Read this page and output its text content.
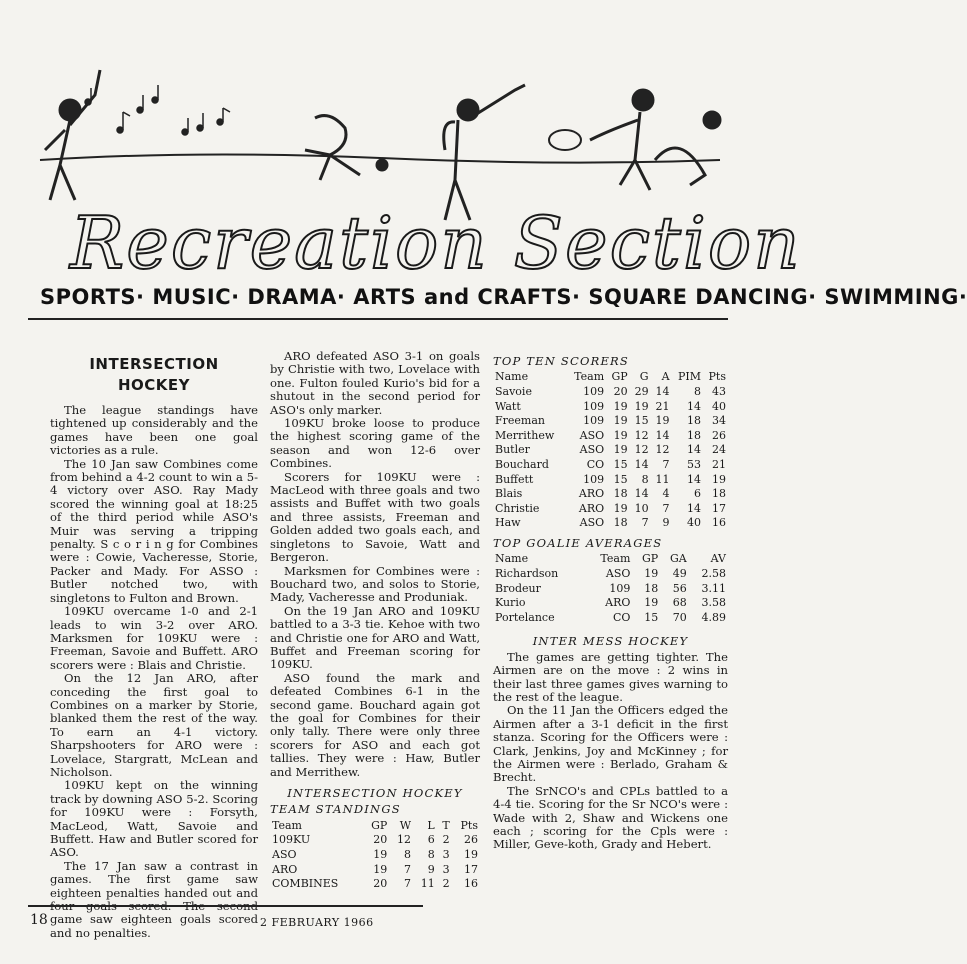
Recreation Section
SPORTS· MUSIC· DRAMA· ARTS and CRAFTS· SQUARE DANCING· SWIMMING·
INTERSECTION
HOCKEY

The league standings have tightened up considerably and the games have been one goal victories as a rule.

The 10 Jan saw Combines come from behind a 4-2 count to win a 5-4 victory over ASO. Ray Mady scored the winning goal at 18:25 of the third period while ASO's Muir was serving a tripping penalty. S c o r i n g for Combines were : Cowie, Vacheresse, Storie, Packer and Mady. For ASSO : Butler notched two, with singletons to Fulton and Brown.

109KU overcame 1-0 and 2-1 leads to win 3-2 over ARO. Marksmen for 109KU were : Freeman, Savoie and Buffett. ARO scorers were : Blais and Christie.

On the 12 Jan ARO, after conceding the first goal to Combines on a marker by Storie, blanked them the rest of the way. To earn an 4-1 victory. Sharpshooters for ARO were : Lovelace, Stargratt, McLean and Nicholson.

109KU kept on the winning track by downing ASO 5-2. Scoring for 109KU were : Forsyth, MacLeod, Watt, Savoie and Buffett. Haw and Butler scored for ASO.

The 17 Jan saw a contrast in games. The first game saw eighteen penalties handed out and game saw eighteen goals scored and no penalties.

ARO defeated ASO 3-1 on goals by Christie with two, Lovelace with one. Fulton fouled Kurio's bid for a shutout in the second period for ASO's only marker.

109KU broke loose to produce the highest scoring game of the season and won 12-6 over Combines.

Scorers for 109KU were : MacLeod with three goals and two assists and Buffet with two goals and three assists, Freeman and Golden added two goals each, and singletons to Savoie, Watt and Bergeron.

Marksmen for Combines were : Bouchard two, and solos to Storie, Mady, Vacheresse and Produniak.

On the 19 Jan ARO and 109KU battled to a 3-3 tie. Kehoe with two and Christie one for ARO and Watt, Buffet and Freeman scoring for 109KU.

ASO found the mark and defeated Combines 6-1 in the second game. Bouchard again got the goal for Combines for their only tally. There were only three scorers for ASO and each got tallies. They were : Haw, Butler and Merrithew.

INTERSECTION HOCKEY
TEAM STANDINGS
Team	GP	W	L	T	Pts
109KU	20	12	6	2	26
ASO	19	8	8	3	19
ARO	19	7	9	3	17
COMBINES	20	7	11	2	16
TOP TEN SCORERS
Name	Team	GP	G	A	PIM	Pts
Savoie	109	20	29	14	8	43
Watt	109	19	19	21	14	40
Freeman	109	19	15	19	18	34
Merrithew	ASO	19	12	14	18	26
Butler	ASO	19	12	12	14	24
Bouchard	CO	15	14	7	53	21
Buffett	109	15	8	11	14	19
Blais	ARO	18	14	4	6	18
Christie	ARO	19	10	7	14	17
Haw	ASO	18	7	9	40	16
TOP GOALIE AVERAGES
Name	Team	GP	GA	AV
Richardson	ASO	19	49	2.58
Brodeur	109	18	56	3.11
Kurio	ARO	19	68	3.58
Portelance	CO	15	70	4.89
INTER MESS HOCKEY

The games are getting tighter. The Airmen are on the move : 2 wins in their last three games gives warning to the rest of the league.

On the 11 Jan the Officers edged the Airmen after a 3-1 deficit in the first stanza. Scoring for the Officers were : Clark, Jenkins, Joy and McKinney ; for the Airmen were : Berlado, Graham & Brecht.

The SrNCO's and CPLs battled to a 4-4 tie. Scoring for the Sr NCO's were : Wade with 2, Shaw and Wickens one each ; scoring for the Cpls were : Miller, Geve-koth, Grady and Hebert.

18	2 FEBRUARY 1966
